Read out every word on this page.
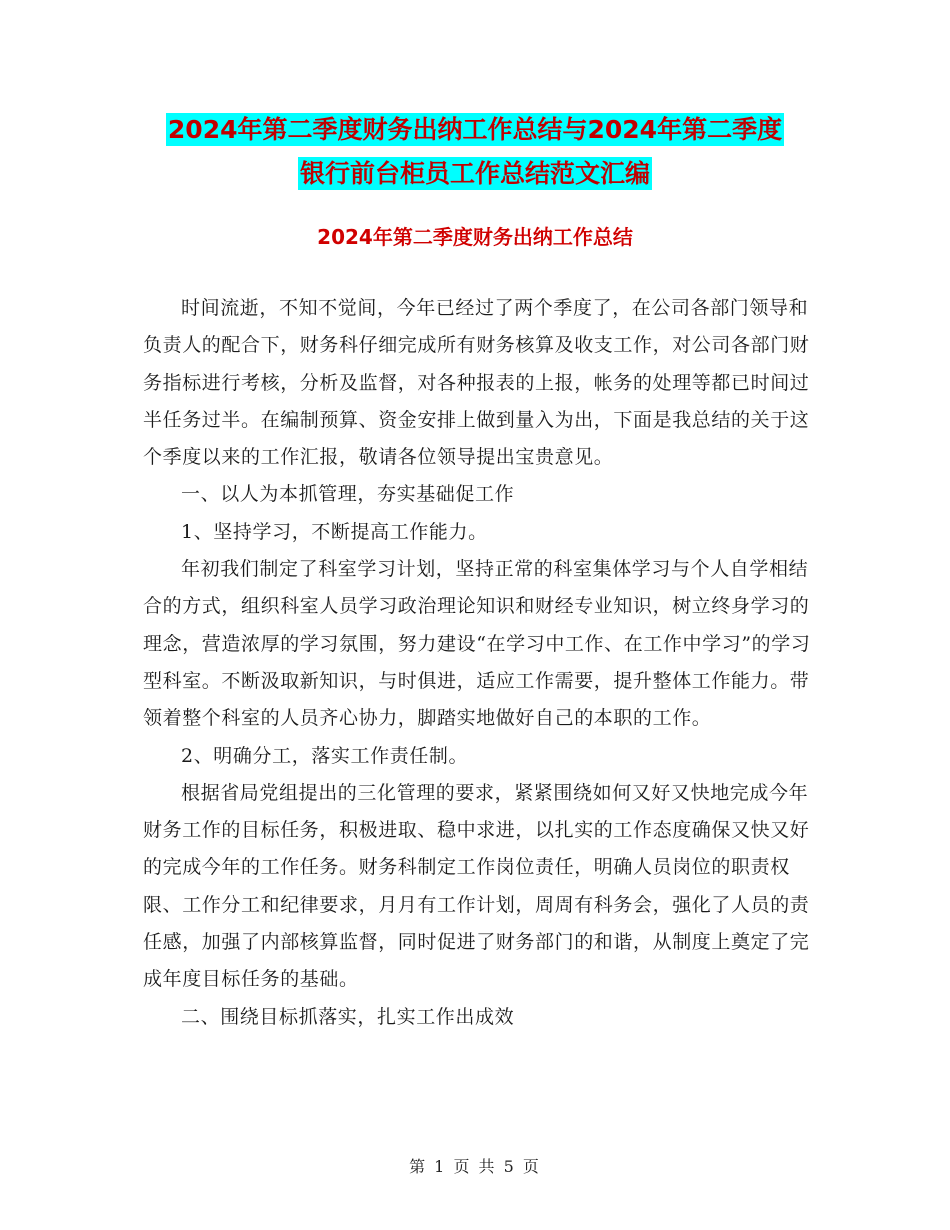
2024年第二季度财务出纳工作总结与2024年第二季度
银行前台柜员工作总结范文汇编
2024年第二季度财务出纳工作总结

时间流逝，不知不觉间，今年已经过了两个季度了，在公司各部门领导和负责人的配合下，财务科仔细完成所有财务核算及收支工作，对公司各部门财务指标进行考核，分析及监督，对各种报表的上报，帐务的处理等都已时间过半任务过半。在编制预算、资金安排上做到量入为出，下面是我总结的关于这个季度以来的工作汇报，敬请各位领导提出宝贵意见。

一、以人为本抓管理，夯实基础促工作

1、坚持学习，不断提高工作能力。

年初我们制定了科室学习计划，坚持正常的科室集体学习与个人自学相结合的方式，组织科室人员学习政治理论知识和财经专业知识，树立终身学习的理念，营造浓厚的学习氛围，努力建设“在学习中工作、在工作中学习”的学习型科室。不断汲取新知识，与时俱进，适应工作需要，提升整体工作能力。带领着整个科室的人员齐心协力，脚踏实地做好自己的本职的工作。

2、明确分工，落实工作责任制。

根据省局党组提出的三化管理的要求，紧紧围绕如何又好又快地完成今年财务工作的目标任务，积极进取、稳中求进，以扎实的工作态度确保又快又好的完成今年的工作任务。财务科制定工作岗位责任，明确人员岗位的职责权限、工作分工和纪律要求，月月有工作计划，周周有科务会，强化了人员的责任感，加强了内部核算监督，同时促进了财务部门的和谐，从制度上奠定了完成年度目标任务的基础。

二、围绕目标抓落实，扎实工作出成效

第 1 页 共 5 页
